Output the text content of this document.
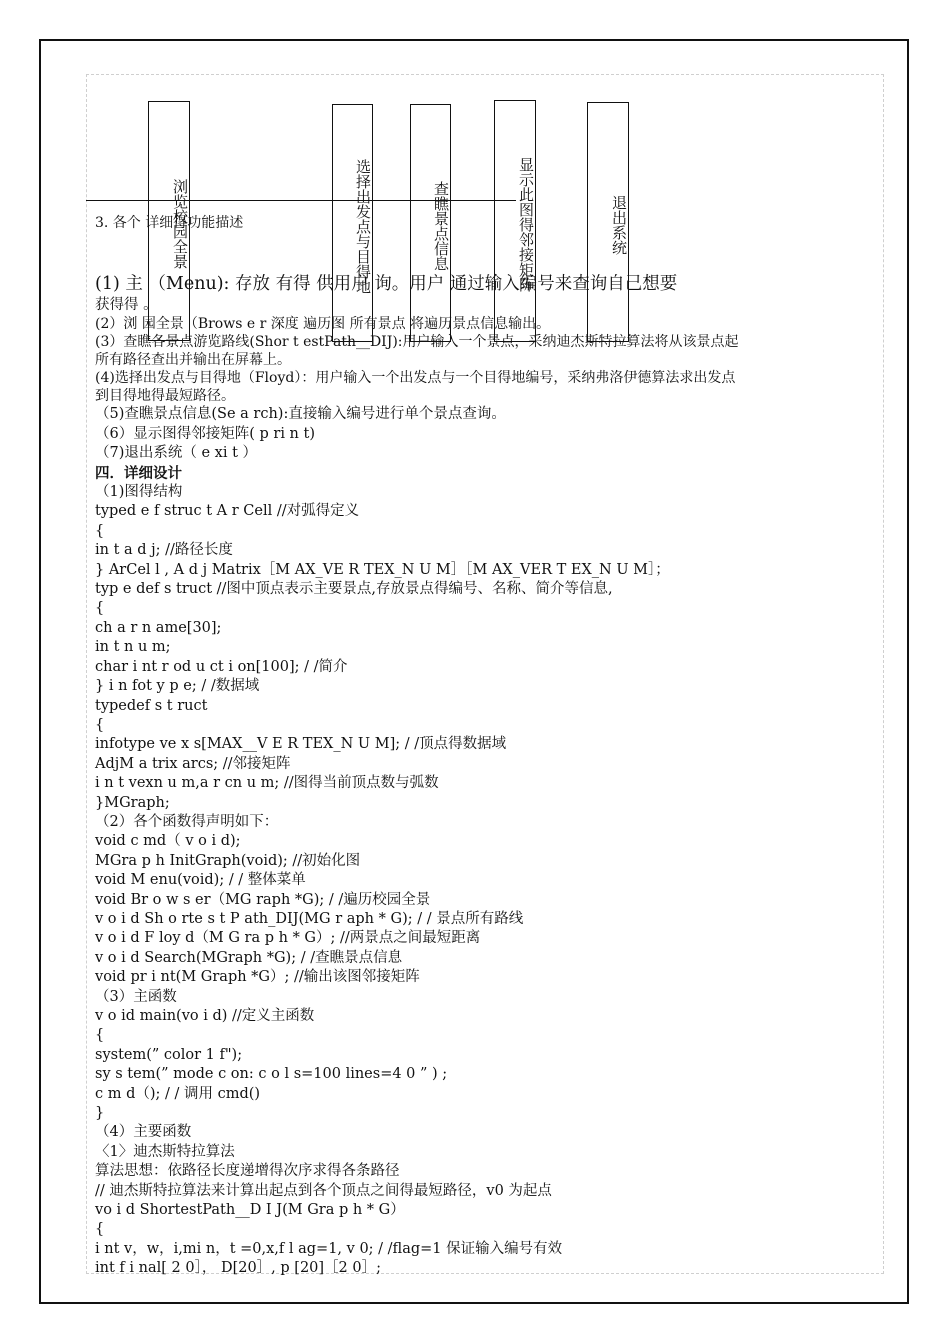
浏览校园全景	选择出发点与目得地	查瞧景点信息	显示此图得邻接矩阵	退出系统
3. 各个 详细得功能描述
(1) 主 （Menu): 存放 有得 供用户 询。用户 通过输入编号来查询自己想要
获得得 。
(2）浏 园全景（Brows e r 深度 遍历图 所有景点 将遍历景点信息输出。
(3）查瞧各景点游览路线(Shor t estPath__DIJ):用户输入一个景点，采纳迪杰斯特拉算法将从该景点起
所有路径查出并输出在屏幕上。
(4)选择出发点与目得地（Floyd）：用户输入一个出发点与一个目得地编号，采纳弗洛伊德算法求出发点
到目得地得最短路径。
（5)查瞧景点信息(Se a rch):直接输入编号进行单个景点查询。
（6）显示图得邻接矩阵( p ri n t)
（7)退出系统（ e xi t ）
四．详细设计
（1)图得结构
typed e f struc t A r Cell //对弧得定义
{
in t a d j; //路径长度
} ArCel l , A d j Matrix［M AX_VE R TEX_N U M］［M AX_VER T EX_N U M］；
typ e def s truct //图中顶点表示主要景点,存放景点得编号、名称、简介等信息,
{
ch a r n ame[30];
in t n u m;
char i nt r od u ct i on[100]; / /简介
} i n fot y p e; / /数据域
typedef s t ruct
{
infotype ve x s[MAX__V E R TEX_N U M]; / /顶点得数据域
AdjM a trix arcs; //邻接矩阵
i n t vexn u m,a r cn u m; //图得当前顶点数与弧数
}MGraph;
（2）各个函数得声明如下：
void c md（ v o i d);
MGra p h InitGraph(void); //初始化图
void M enu(void); / / 整体菜单
void Br o w s er（MG raph *G); / /遍历校园全景
v o i d Sh o rte s t P ath_DIJ(MG r aph * G); / / 景点所有路线
v o i d F loy d（M G ra p h * G）; //两景点之间最短距离
v o i d Search(MGraph *G); / /查瞧景点信息
void pr i nt(M Graph *G）; //输出该图邻接矩阵
（3）主函数
v o id main(vo i d) //定义主函数
{
system(” color 1 f");
sy s tem(” mode c on: c o l s=100 lines=4 0 ” ) ;
c m d（); / / 调用 cmd()
}
（4）主要函数
〈1〉迪杰斯特拉算法
算法思想：依路径长度递增得次序求得各条路径
// 迪杰斯特拉算法来计算出起点到各个顶点之间得最短路径，v0 为起点
vo i d ShortestPath__D I J(M Gra p h * G）
{
i nt v，w，i,mi n，t =0,x,f l ag=1, v 0; / /flag=1 保证输入编号有效
int f i nal[ 2 0］， D[20］, p [20]［2 0］;
